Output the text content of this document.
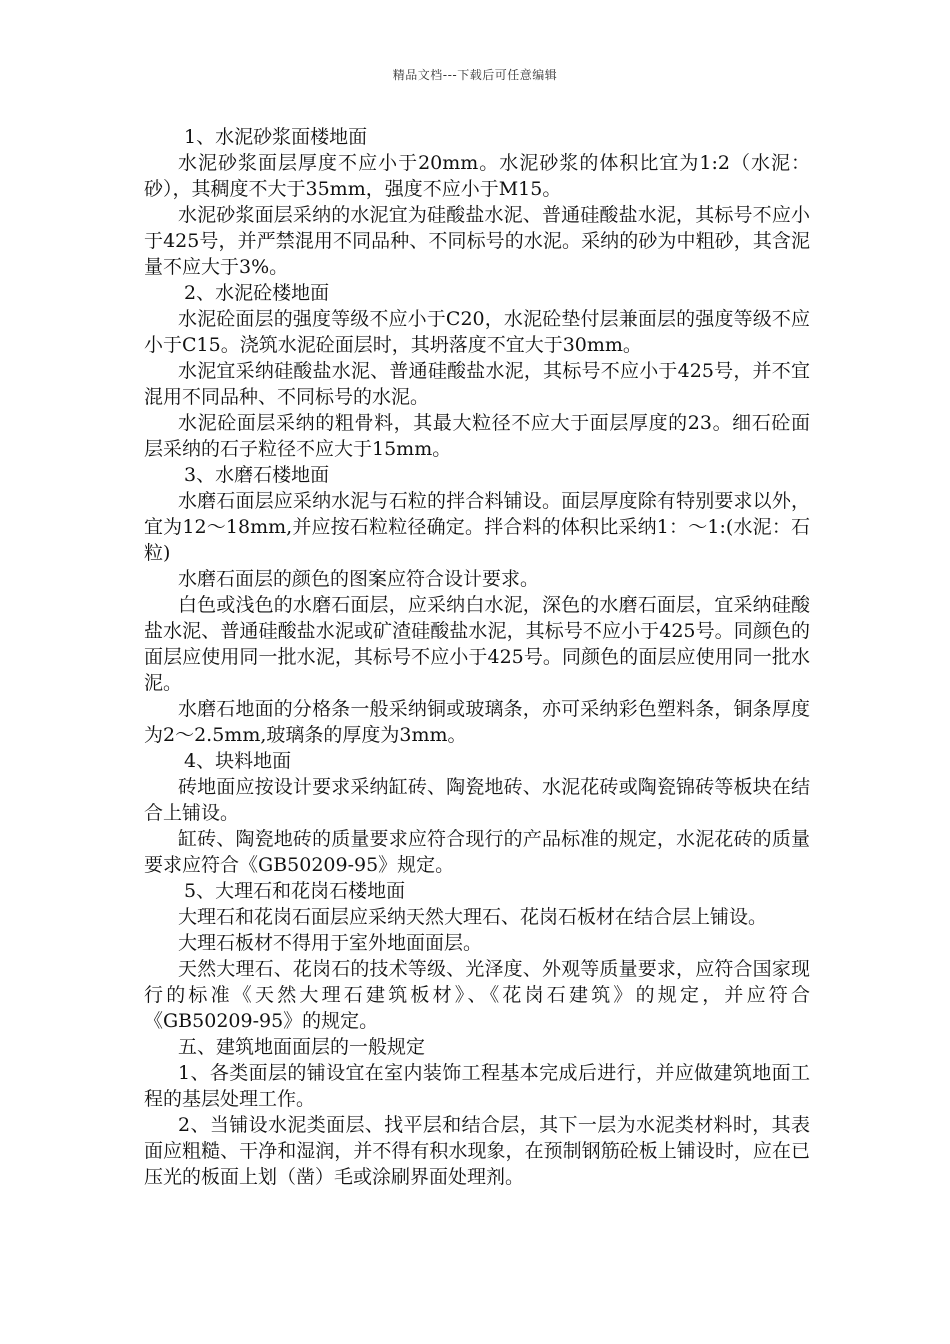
精品文档---下载后可任意编辑

1、水泥砂浆面楼地面

水泥砂浆面层厚度不应小于20mm。水泥砂浆的体积比宜为1:2（水泥：砂），其稠度不大于35mm，强度不应小于M15。

水泥砂浆面层采纳的水泥宜为硅酸盐水泥、普通硅酸盐水泥，其标号不应小于425号，并严禁混用不同品种、不同标号的水泥。采纳的砂为中粗砂，其含泥量不应大于3%。

2、水泥砼楼地面

水泥砼面层的强度等级不应小于C20，水泥砼垫付层兼面层的强度等级不应小于C15。浇筑水泥砼面层时，其坍落度不宜大于30mm。

水泥宜采纳硅酸盐水泥、普通硅酸盐水泥，其标号不应小于425号，并不宜混用不同品种、不同标号的水泥。

水泥砼面层采纳的粗骨料，其最大粒径不应大于面层厚度的23。细石砼面层采纳的石子粒径不应大于15mm。

3、水磨石楼地面

水磨石面层应采纳水泥与石粒的拌合料铺设。面层厚度除有特别要求以外，宜为12～18mm,并应按石粒粒径确定。拌合料的体积比采纳1：～1:(水泥：石粒)

水磨石面层的颜色的图案应符合设计要求。

白色或浅色的水磨石面层，应采纳白水泥，深色的水磨石面层，宜采纳硅酸盐水泥、普通硅酸盐水泥或矿渣硅酸盐水泥，其标号不应小于425号。同颜色的面层应使用同一批水泥，其标号不应小于425号。同颜色的面层应使用同一批水泥。

水磨石地面的分格条一般采纳铜或玻璃条，亦可采纳彩色塑料条，铜条厚度为2～2.5mm,玻璃条的厚度为3mm。

4、块料地面

砖地面应按设计要求采纳缸砖、陶瓷地砖、水泥花砖或陶瓷锦砖等板块在结合上铺设。

缸砖、陶瓷地砖的质量要求应符合现行的产品标准的规定，水泥花砖的质量要求应符合《GB50209-95》规定。

5、大理石和花岗石楼地面

大理石和花岗石面层应采纳天然大理石、花岗石板材在结合层上铺设。

大理石板材不得用于室外地面面层。

天然大理石、花岗石的技术等级、光泽度、外观等质量要求，应符合国家现行的标准《天然大理石建筑板材》、《花岗石建筑》的规定，并应符合《GB50209-95》的规定。

五、建筑地面面层的一般规定

1、各类面层的铺设宜在室内装饰工程基本完成后进行，并应做建筑地面工程的基层处理工作。

2、当铺设水泥类面层、找平层和结合层，其下一层为水泥类材料时，其表面应粗糙、干净和湿润，并不得有积水现象，在预制钢筋砼板上铺设时，应在已压光的板面上划（凿）毛或涂刷界面处理剂。
